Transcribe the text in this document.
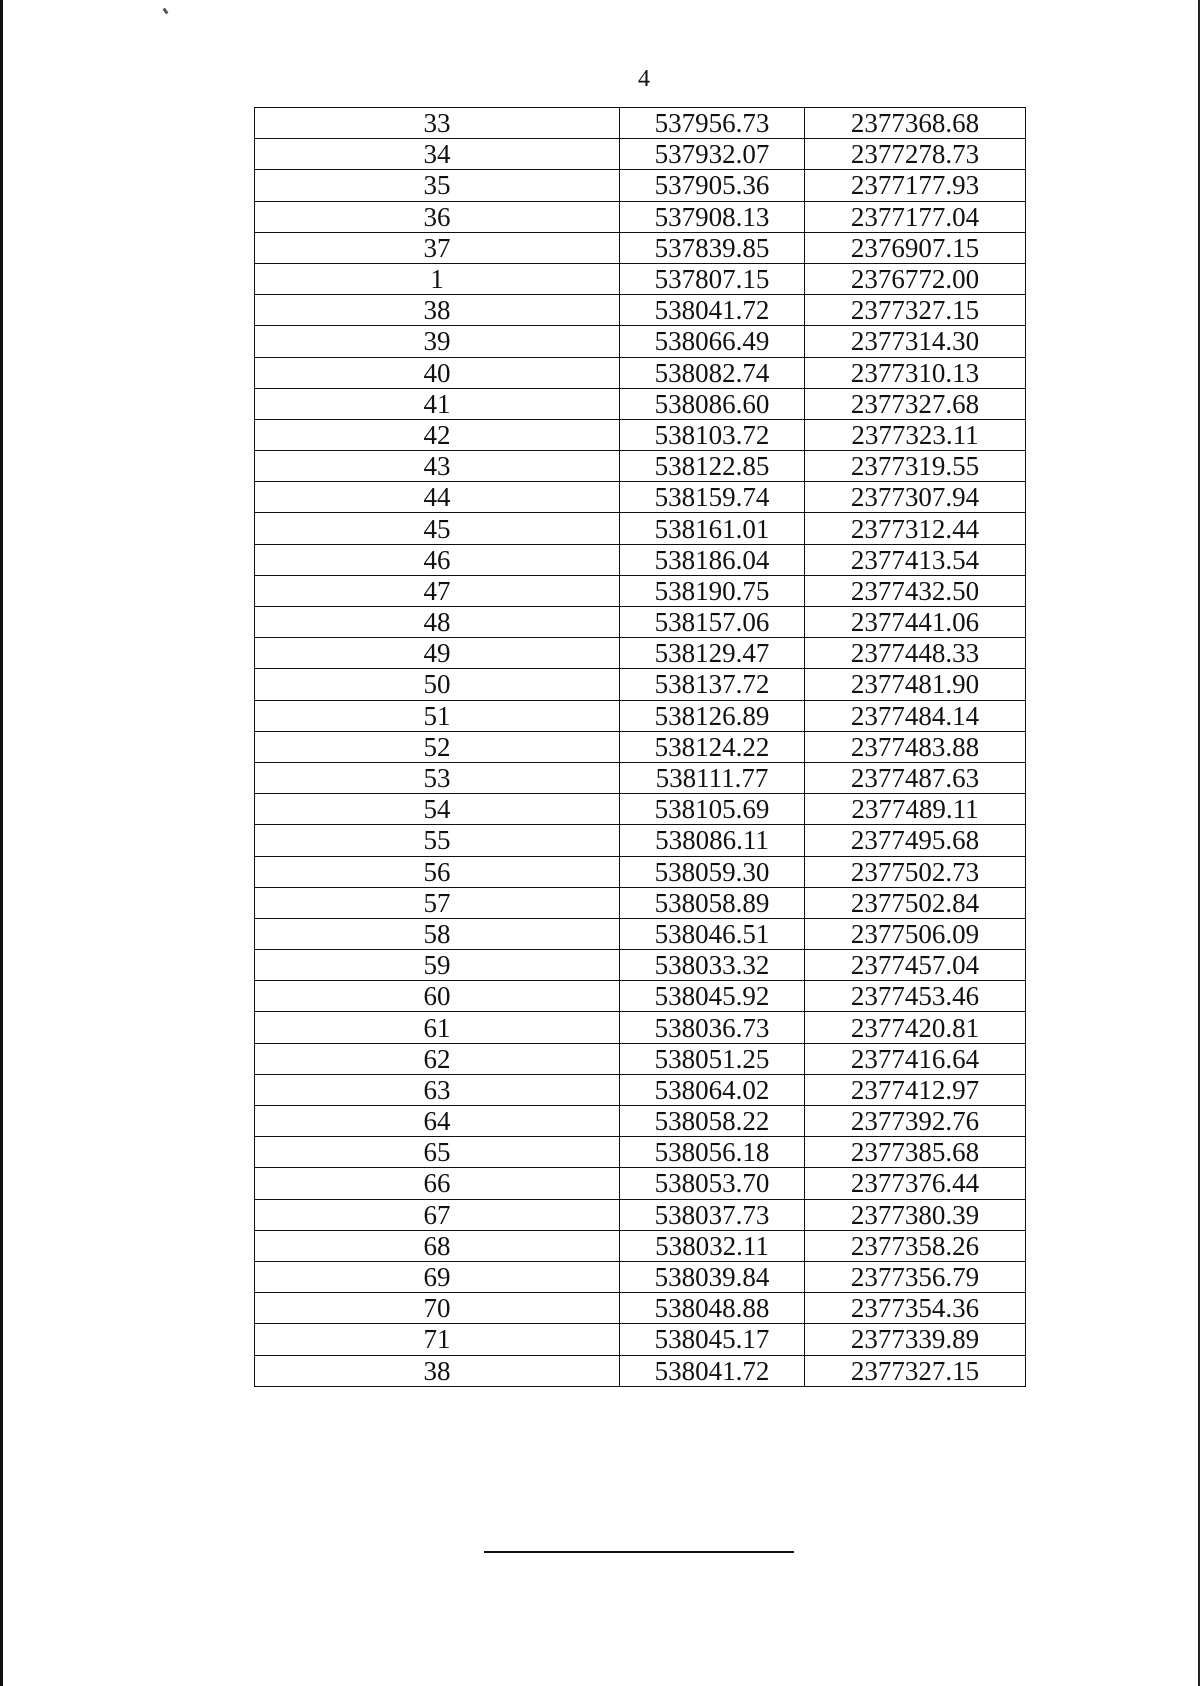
4
33	537956.73	2377368.68
34	537932.07	2377278.73
35	537905.36	2377177.93
36	537908.13	2377177.04
37	537839.85	2376907.15
1	537807.15	2376772.00
38	538041.72	2377327.15
39	538066.49	2377314.30
40	538082.74	2377310.13
41	538086.60	2377327.68
42	538103.72	2377323.11
43	538122.85	2377319.55
44	538159.74	2377307.94
45	538161.01	2377312.44
46	538186.04	2377413.54
47	538190.75	2377432.50
48	538157.06	2377441.06
49	538129.47	2377448.33
50	538137.72	2377481.90
51	538126.89	2377484.14
52	538124.22	2377483.88
53	538111.77	2377487.63
54	538105.69	2377489.11
55	538086.11	2377495.68
56	538059.30	2377502.73
57	538058.89	2377502.84
58	538046.51	2377506.09
59	538033.32	2377457.04
60	538045.92	2377453.46
61	538036.73	2377420.81
62	538051.25	2377416.64
63	538064.02	2377412.97
64	538058.22	2377392.76
65	538056.18	2377385.68
66	538053.70	2377376.44
67	538037.73	2377380.39
68	538032.11	2377358.26
69	538039.84	2377356.79
70	538048.88	2377354.36
71	538045.17	2377339.89
38	538041.72	2377327.15
